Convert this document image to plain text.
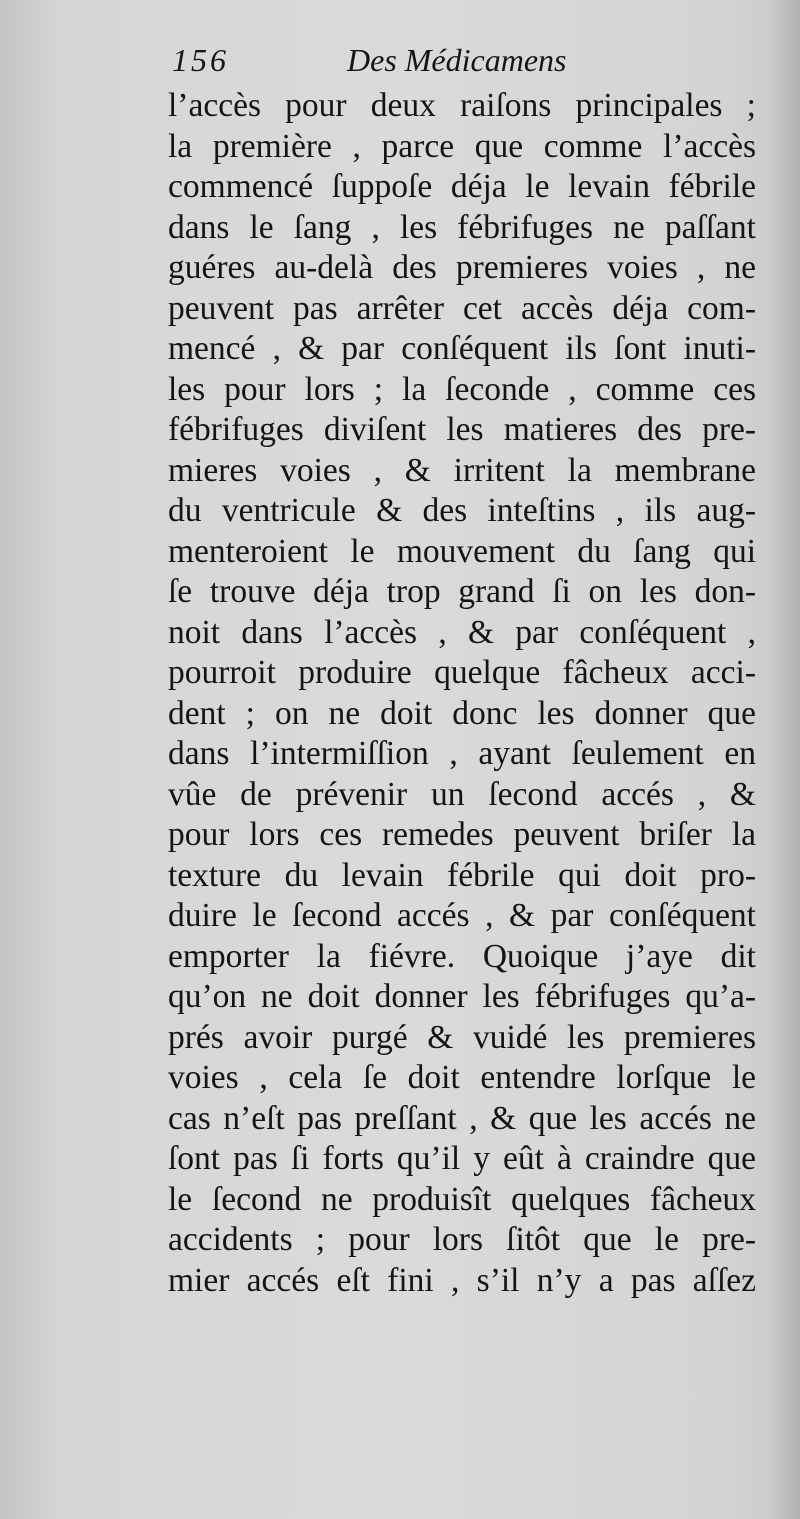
156	Des Médicamens
l’accès pour deux raiſons principales ;
la première , parce que comme l’accès
commencé ſuppoſe déja le levain fébrile
dans le ſang , les fébrifuges ne paſſant
guéres au-delà des premieres voies , ne
peuvent pas arrêter cet accès déja com-
mencé , & par conſéquent ils ſont inuti-
les pour lors ; la ſeconde , comme ces
fébrifuges diviſent les matieres des pre-
mieres voies , & irritent la membrane
du ventricule & des inteſtins , ils aug-
menteroient le mouvement du ſang qui
ſe trouve déja trop grand ſi on les don-
noit dans l’accès , & par conſéquent ,
pourroit produire quelque fâcheux acci-
dent ; on ne doit donc les donner que
dans l’intermiſſion , ayant ſeulement en
vûe de prévenir un ſecond accés , &
pour lors ces remedes peuvent briſer la
texture du levain fébrile qui doit pro-
duire le ſecond accés , & par conſéquent
emporter la fiévre. Quoique j’aye dit
qu’on ne doit donner les fébrifuges qu’a-
prés avoir purgé & vuidé les premieres
voies , cela ſe doit entendre lorſque le
cas n’eſt pas preſſant , & que les accés ne
ſont pas ſi forts qu’il y eût à craindre que
le ſecond ne produisît quelques fâcheux
accidents ; pour lors ſitôt que le pre-
mier accés eſt fini , s’il n’y a pas aſſez
